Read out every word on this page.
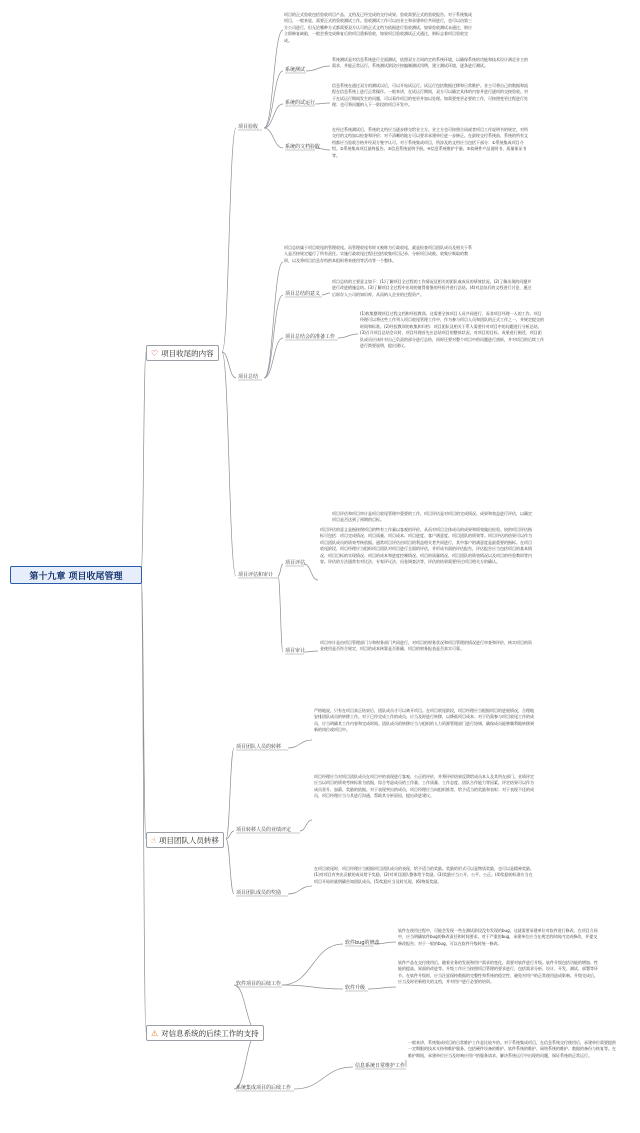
第十九章 项目收尾管理
♡ 项目收尾的内容
☝ 项目团队人员转移
⚠ 对信息系统的后续工作的支持
项目验收
项目总结
项目评估和审计
项目团队人员的转移
项目转移人员的业绩评定
项目团队成员的奖励
软件项目的后续工作
系统集成项目的后续工作
系统测试
系统的试运行
系统的文档验收
项目总结的意义
项目总结会的准备工作
项目评估
项目审计
软件bug的修改
软件升级
信息系统日常维护工作
项目的正式验收包括验收项目产品、文档及已经完成的交付成果。验收需要正式的验收报告。对于系统集成项目，一般来说，需要正式的验收测试工作。验收测试工作可以由业主和承建单位共同进行，也可以由第三方公司进行，但无论哪种方式都需要双方认可的正式文档为依据进行验收测试，如果验收测试未通过，则应立即修复缺陷，一般会将完成修复后的项目重新验收，如果项目验收测试正式通过，则标志着项目验收完成。
系统测试是对信息系统进行全面测试，依照双方合同约定的系统环境，以确保系统的功能和技术设计满足业主的需求，并能正常运行。系统测试阶段应按编制测试用例，建立测试环境，逐条进行测试。
信息系统在通过双方的测试以后，可以开始试运行。试运行包括数据迁移和日常维护。业主可将自己的数据和流程在信息系统上进行正常操作。一般来讲，在试运行期间，双方可以确定具体的内容并进行逐项的交接验收。对于在试运行期间发生的问题，可以看作项目的变更并加以处理。如需要变更必要的工作，可按照变更过程进行处理；也可将问题纳入下一阶段的项目开发中。
在经过系统测试后，系统的文档应当逐步移交给业主方。业主方也可按照合同或者项目工作说明书的规定，对所交付的文档加以检查和评价；对不清晰的地方可以要求承建单位进一步修正。在最终交付系统前，系统的所有文档都应当验收合格并经双方签字认可。对于系统集成项目，所涉及的文档应当包括下部分：①系统集成项目介绍。②系统集成项目最终报告。③信息系统说明手册。④信息系统维护手册。⑤软硬件产品说明书、质量保证书等。
项目总结属于项目收尾的管理收尾。而管理收尾有时又被称为行政收尾，就是检查项目团队成员及相关干系人是否按规定履行了所有责任。实施行政收尾过程还包括收集项目记录、分析项目成败、收集应吸取的教训，以及将项目信息存档供本组织将来使用等活动等一个整体。
项目总结的主要意义如下：(1)了解项目全过程的工作情况及相关的团队或成员的绩效状况。(2)了解出现的问题并进行改进措施总结。(3)了解项目全过程中出现的值得借鉴的经验并进行总结。(4)对总结后的文档进行讨论，通过后即存入公司的知识库，从而纳入企业的过程资产。
(1)收集整理项目过程文档和经验教训。这需要全体项目人员共同进行，而非项目经理一人的工作。项目经理可以将这些工作列入项目收尾管理工作中，作为参与项目人员和团队的正式工作之一，并规定提交的时间和标准。(2)经验教训的收集和归档：项目团队及相关干系人需要针对项目中的问题进行分析总结。(3)召开项目总结会议时，项目经理首先应总结项目的整体状况，对项目的目标、成果进行阐述，项目团队成员应该针对自己负责的部分进行总结，同时还要对整个项目中的问题进行剖析，并对项目的后续工作进行简要说明，提出建议。
项目评估和项目审计是项目收尾管理中重要的工作。项目评估是对项目的完成情况、成果和效益进行评估，以确定项目是否达到了预期的目标。
项目评估的意义是指按照项目的特有工作量以客观的评价，从而对项目全体成员的成果和绩效做出检验。较的项目评估指标可包括：项目完成情况、项目质量、项目成本、项目进度、客户满意度、项目团队的绩效等。项目评估的结果可以作为项目团队成员的绩效考核依据。通常项目评估由项目的利益相关者共同进行，其中客户的满意度是最重要的指标。在项目收尾阶段，项目经理应当组织项目团队对项目进行全面的评估，并形成书面的评估报告，评估报告应当包括项目的基本情况、项目目标的实现情况、项目的成本和进度控制情况、项目的质量情况、项目团队的绩效情况以及项目的经验教训等内容。评估的方法通常有对比法、专家评议法、问卷调查法等，评估的结果需要经过项目相关方的确认。
项目审计是由项目管理部门与和财务部门共同进行，对项目的财务状况和项目管理的情况进行审查和评价，核实项目的资金使用是否符合规定，项目的成本核算是否准确，项目的财务报表是否真实可靠。
严格地说，只有在项目真正结束后，团队成员才可以离开项目。在项目收尾阶段，项目经理应当根据项目的进展情况，合理地安排团队成员的转移工作。对于已经完成工作的成员，应当及时进行转移，以降低项目成本；对于仍需参与项目收尾工作的成员，应当明确其工作内容和完成时间。团队成员的转移应当与组织的人力资源管理部门进行协调，确保成员能够顺利地转移到新的岗位或项目中。
项目经理应当对项目团队成员在项目中的表现进行客观、公正的评价，并将评价结果反馈给成员本人及其所在部门。业绩评定应当以项目的绩效考核标准为依据，综合考虑成员的工作量、工作质量、工作态度、团队合作能力等因素。评定结果可以作为成员晋升、加薪、奖励的依据。对于表现突出的成员，项目经理应当向组织推荐，给予适当的奖励和表彰；对于表现不佳的成员，项目经理应当与其进行沟通，帮助其分析原因，提出改进建议。
在项目收尾时，项目经理应当根据项目团队成员的表现，给予适当的奖励。奖励的形式可以是物质奖励，也可以是精神奖励。(1)对项目有突出贡献的成员给予奖励。(2)对项目团队整体给予奖励。(3)奖励应当公开、公平、公正。(4)奖励的标准应当在项目开始时就明确告知团队成员。(5)奖励应当及时兑现。(6)物质奖励。
软件在使用过程中，可能会发现一些在测试阶段没有发现的bug，这就需要承建单位对软件进行修改。在项目合同中，应当明确软件bug的修改责任和时间要求。对于严重的bug，承建单位应当在规定的时间内完成修改，并提交修改报告；对于一般的bug，可以在软件升级时统一修改。
软件产品在交付使用后，随着业务的发展和用户需求的变化，需要对软件进行升级。软件升级包括功能的增加、性能的提高、界面的改进等。升级工作应当按照项目管理的要求进行，包括需求分析、设计、开发、测试、部署等环节。在软件升级时，应当注意保持数据的完整性和系统的稳定性，避免对用户的正常使用造成影响。升级完成后，应当及时更新相关的文档，并对用户进行必要的培训。
一般来讲，系统集成项目的日常维护工作是比较多的。对于系统集成项目，在信息系统交付使用后，承建单位需要提供一定期限的技术支持和维护服务，包括硬件设备的维护、软件系统的维护、网络系统的维护、数据的备份与恢复等。在维护期间，承建单位应当及时响应用户的服务请求，解决系统运行中出现的问题，保证系统的正常运行。
